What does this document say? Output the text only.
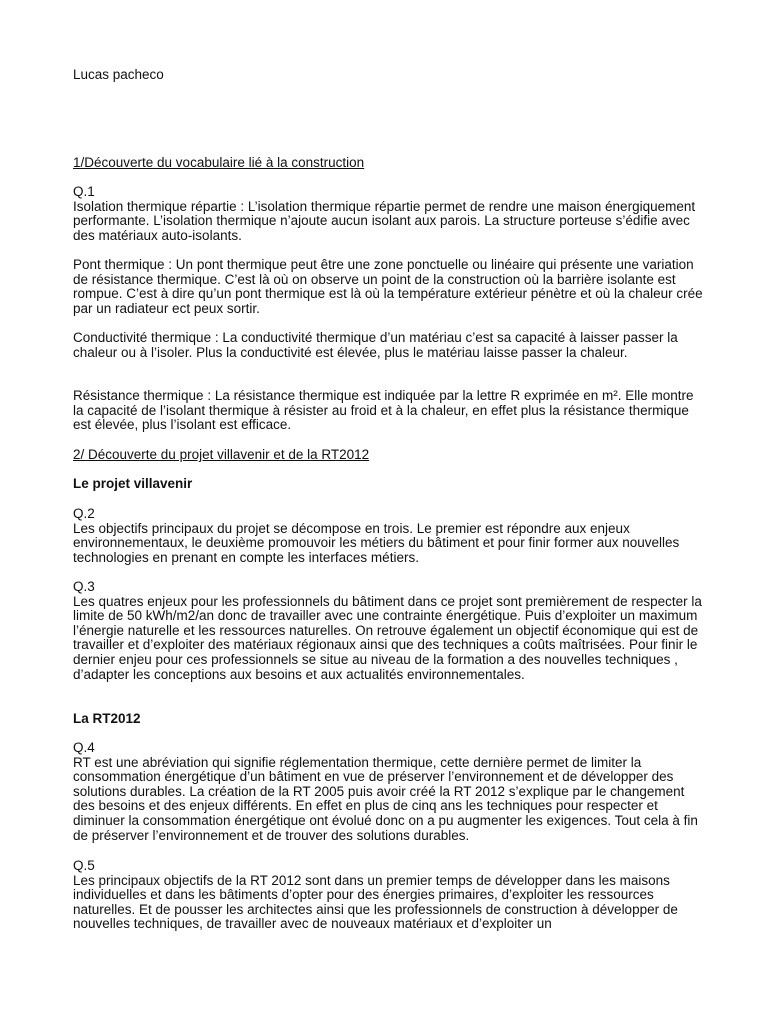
Lucas pacheco
1/Découverte du vocabulaire lié à la construction
Q.1
Isolation thermique répartie : L’isolation thermique répartie permet de rendre une maison énergiquement performante. L’isolation thermique n’ajoute aucun isolant aux parois. La structure porteuse s’édifie avec des matériaux auto-isolants.
Pont thermique : Un pont thermique peut être une zone ponctuelle ou linéaire qui présente une variation de résistance thermique. C’est là où on observe un point de la construction où la barrière isolante est rompue. C’est à dire qu’un pont thermique est là où la température extérieur pénètre et où la chaleur crée par un radiateur ect peux sortir.
Conductivité thermique : La conductivité thermique d’un matériau c’est sa capacité à laisser passer la chaleur ou à l’isoler. Plus la conductivité est élevée, plus le matériau laisse passer la chaleur.
Résistance thermique : La résistance thermique est indiquée par la lettre R exprimée en m². Elle montre la capacité de l’isolant thermique à résister au froid et à la chaleur, en effet plus la résistance thermique est élevée, plus l’isolant est efficace.
2/ Découverte du projet villavenir et de la RT2012
Le projet villavenir
Q.2
Les objectifs principaux du projet se décompose en trois. Le premier est répondre aux enjeux environnementaux, le deuxième promouvoir les métiers du bâtiment et pour finir former aux nouvelles technologies en prenant en compte les interfaces métiers.
Q.3
Les quatres enjeux pour les professionnels du bâtiment dans ce projet sont premièrement de respecter la limite de 50 kWh/m2/an donc de travailler avec une contrainte énergétique. Puis d’exploiter un maximum l’énergie naturelle et les ressources naturelles. On retrouve également un objectif économique qui est de travailler et d’exploiter des matériaux régionaux ainsi que des techniques a coûts maîtrisées. Pour finir le dernier enjeu pour ces professionnels se situe au niveau de la formation a des nouvelles techniques , d’adapter les conceptions aux besoins et aux actualités environnementales.
La RT2012
Q.4
RT est une abréviation qui signifie réglementation thermique, cette dernière permet de limiter la consommation énergétique d’un bâtiment en vue de préserver l’environnement et de développer des solutions durables. La création de la RT 2005 puis avoir créé la RT 2012 s’explique par le changement des besoins et des enjeux différents. En effet en plus de cinq ans les techniques pour respecter et diminuer la consommation énergétique ont évolué donc on a pu augmenter les exigences. Tout cela à fin de préserver l’environnement et de trouver des solutions durables.
Q.5
Les principaux objectifs de la RT 2012 sont dans un premier temps de développer dans les maisons individuelles et dans les bâtiments d’opter pour des énergies primaires, d’exploiter les ressources naturelles. Et de pousser les architectes ainsi que les professionnels de construction à développer de nouvelles techniques, de travailler avec de nouveaux matériaux et d’exploiter un
